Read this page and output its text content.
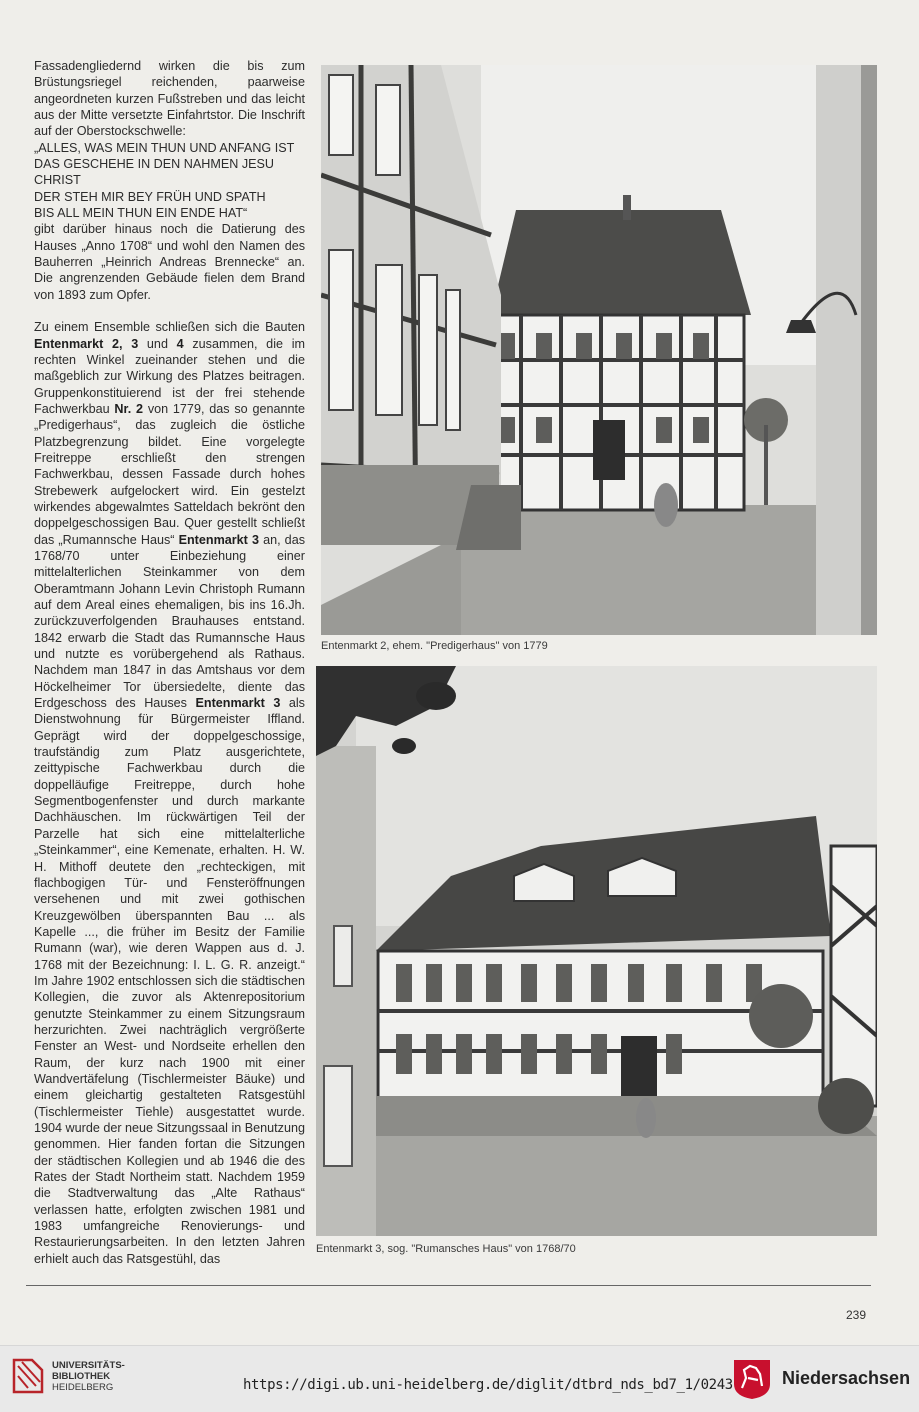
Fassadengliedernd wirken die bis zum Brüstungsriegel reichenden, paarweise angeordneten kurzen Fußstreben und das leicht aus der Mitte versetzte Einfahrtstor. Die Inschrift auf der Oberstockschwelle:

„ALLES, WAS MEIN THUN UND ANFANG IST

DAS GESCHEHE IN DEN NAHMEN JESU

CHRIST

DER STEH MIR BEY FRÜH UND SPATH

BIS ALL MEIN THUN EIN ENDE HAT“

gibt darüber hinaus noch die Datierung des Hauses „Anno 1708“ und wohl den Namen des Bauherren „Heinrich Andreas Brennecke“ an. Die angrenzenden Gebäude fielen dem Brand von 1893 zum Opfer.

Zu einem Ensemble schließen sich die Bauten Entenmarkt 2, 3 und 4 zusammen, die im rechten Winkel zueinander stehen und die maßgeblich zur Wirkung des Platzes beitragen. Gruppenkonstituierend ist der frei stehende Fachwerkbau Nr. 2 von 1779, das so genannte „Predigerhaus“, das zugleich die östliche Platzbegrenzung bildet. Eine vorgelegte Freitreppe erschließt den strengen Fachwerkbau, dessen Fassade durch hohes Strebewerk aufgelockert wird. Ein gestelzt wirkendes abgewalmtes Satteldach bekrönt den doppelgeschossigen Bau. Quer gestellt schließt das „Rumannsche Haus“ Entenmarkt 3 an, das 1768/70 unter Einbeziehung einer mittelalterlichen Steinkammer von dem Oberamtmann Johann Levin Christoph Rumann auf dem Areal eines ehemaligen, bis ins 16.Jh. zurückzuverfolgenden Brauhauses entstand. 1842 erwarb die Stadt das Rumannsche Haus und nutzte es vorübergehend als Rathaus. Nachdem man 1847 in das Amtshaus vor dem Höckelheimer Tor übersiedelte, diente das Erdgeschoss des Hauses Entenmarkt 3 als Dienstwohnung für Bürgermeister Iffland. Geprägt wird der doppelgeschossige, traufständig zum Platz ausgerichtete, zeittypische Fachwerkbau durch die doppelläufige Freitreppe, durch hohe Segmentbogenfenster und durch markante Dachhäuschen. Im rückwärtigen Teil der Parzelle hat sich eine mittelalterliche „Steinkammer“, eine Kemenate, erhalten. H. W. H. Mithoff deutete den „rechteckigen, mit flachbogigen Tür- und Fensteröffnungen versehenen und mit zwei gothischen Kreuzgewölben überspannten Bau ... als Kapelle ..., die früher im Besitz der Familie Rumann (war), wie deren Wappen aus d. J. 1768 mit der Bezeichnung: I. L. G. R. anzeigt.“ Im Jahre 1902 entschlossen sich die städtischen Kollegien, die zuvor als Aktenrepositorium genutzte Steinkammer zu einem Sitzungsraum herzurichten. Zwei nachträglich vergrößerte Fenster an West- und Nordseite erhellen den Raum, der kurz nach 1900 mit einer Wandvertäfelung (Tischlermeister Bäuke) und einem gleichartig gestalteten Ratsgestühl (Tischlermeister Tiehle) ausgestattet wurde. 1904 wurde der neue Sitzungssaal in Benutzung genommen. Hier fanden fortan die Sitzungen der städtischen Kollegien und ab 1946 die des Rates der Stadt Northeim statt. Nachdem 1959 die Stadtverwaltung das „Alte Rathaus“ verlassen hatte, erfolgten zwischen 1981 und 1983 umfangreiche Renovierungs- und Restaurierungsarbeiten. In den letzten Jahren erhielt auch das Ratsgestühl, das

Entenmarkt 2, ehem. "Predigerhaus" von 1779
Entenmarkt 3, sog. "Rumansches Haus" von 1768/70
239
UNIVERSITÄTS-
BIBLIOTHEK
HEIDELBERG	https://digi.ub.uni-heidelberg.de/diglit/dtbrd_nds_bd7_1/0243	Niedersachsen
